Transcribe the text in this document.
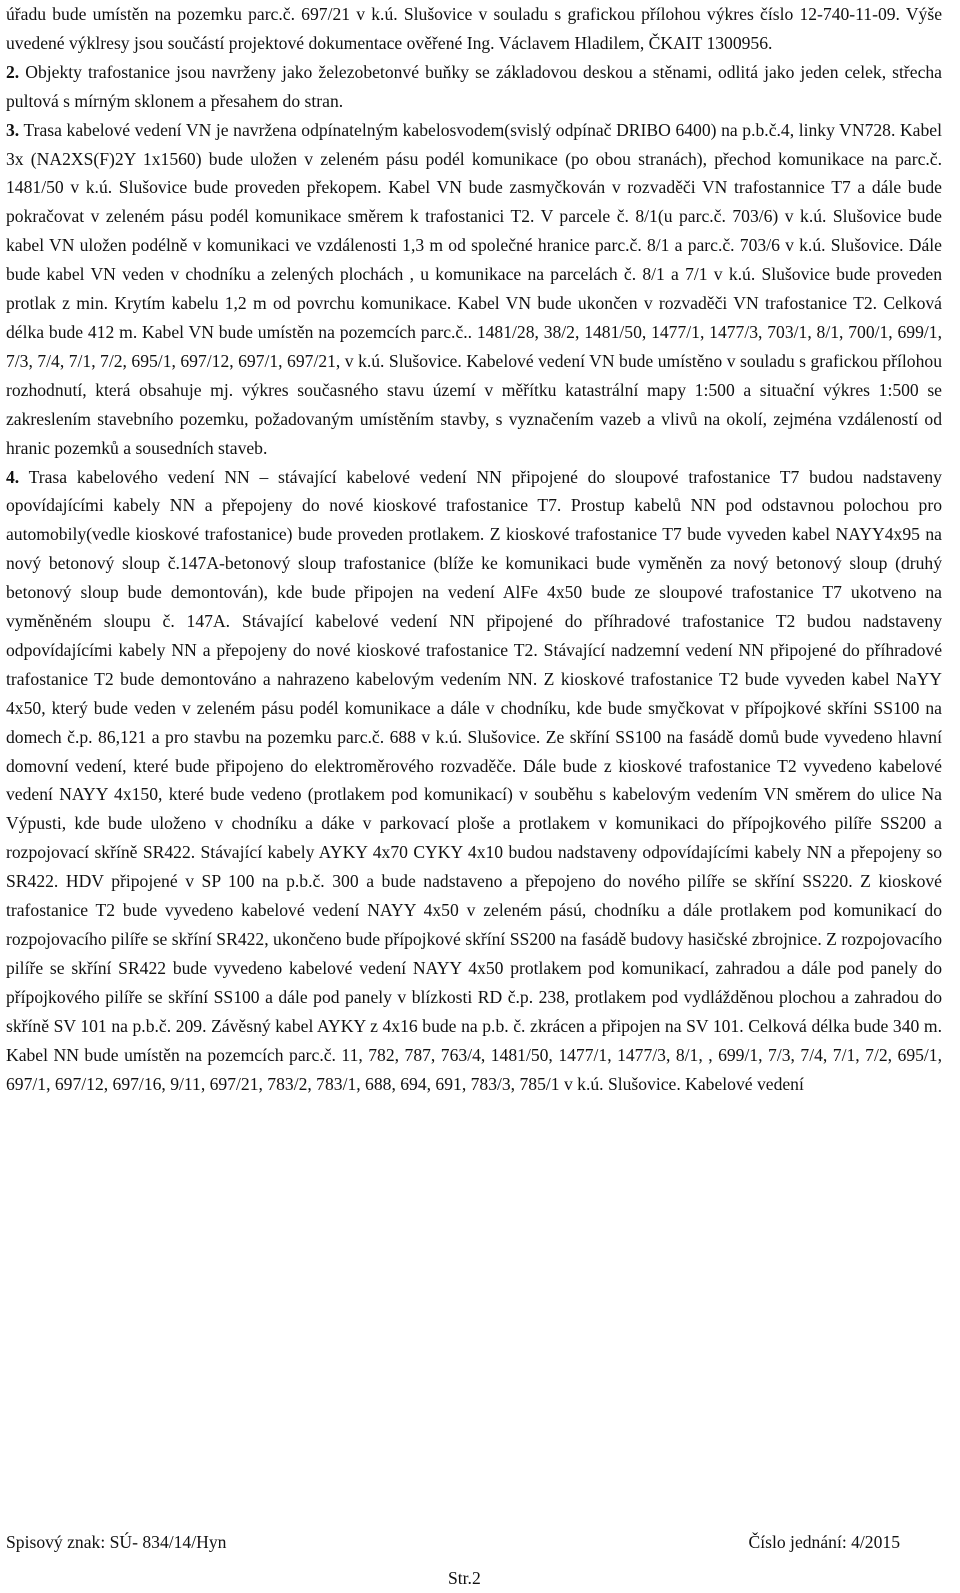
úřadu bude umístěn na pozemku parc.č. 697/21 v k.ú. Slušovice v souladu s grafickou přílohou výkres číslo 12-740-11-09. Výše uvedené výklresy jsou součástí projektové dokumentace ověřené Ing. Václavem Hladilem, ČKAIT 1300956.

2. Objekty trafostanice jsou navrženy jako železobetonvé buňky se základovou deskou a stěnami, odlitá jako jeden celek, střecha pultová s mírným sklonem a přesahem do stran.

3. Trasa kabelové vedení VN je navržena odpínatelným kabelosvodem(svislý odpínač DRIBO 6400) na p.b.č.4, linky VN728. Kabel 3x (NA2XS(F)2Y 1x1560) bude uložen v zeleném pásu podél komunikace (po obou stranách), přechod komunikace na parc.č. 1481/50 v k.ú. Slušovice bude proveden překopem. Kabel VN bude zasmyčkován v rozvaděči VN trafostannice T7 a dále bude pokračovat v zeleném pásu podél komunikace směrem k trafostanici T2. V parcele č. 8/1(u parc.č. 703/6) v k.ú. Slušovice bude kabel VN uložen podélně v komunikaci ve vzdálenosti 1,3 m od společné hranice parc.č. 8/1 a parc.č. 703/6 v k.ú. Slušovice. Dále bude kabel VN veden v chodníku a zelených plochách , u komunikace na parcelách č. 8/1 a 7/1 v k.ú. Slušovice bude proveden protlak z min. Krytím kabelu 1,2 m od povrchu komunikace. Kabel VN bude ukončen v rozvaděči VN trafostanice T2. Celková délka bude 412 m. Kabel VN bude umístěn na pozemcích parc.č.. 1481/28, 38/2, 1481/50, 1477/1, 1477/3, 703/1, 8/1, 700/1, 699/1, 7/3, 7/4, 7/1, 7/2, 695/1, 697/12, 697/1, 697/21, v k.ú. Slušovice. Kabelové vedení VN bude umístěno v souladu s grafickou přílohou rozhodnutí, která obsahuje mj. výkres současného stavu území v měřítku katastrální mapy 1:500 a situační výkres 1:500 se zakreslením stavebního pozemku, požadovaným umístěním stavby, s vyznačením vazeb a vlivů na okolí, zejména vzdáleností od hranic pozemků a sousedních staveb.

4. Trasa kabelového vedení NN – stávající kabelové vedení NN připojené do sloupové trafostanice T7 budou nadstaveny opovídajícími kabely NN a přepojeny do nové kioskové trafostanice T7. Prostup kabelů NN pod odstavnou polochou pro automobily(vedle kioskové trafostanice) bude proveden protlakem. Z kioskové trafostanice T7 bude vyveden kabel NAYY4x95 na nový betonový sloup č.147A-betonový sloup trafostanice (blíže ke komunikaci bude vyměněn za nový betonový sloup (druhý betonový sloup bude demontován), kde bude připojen na vedení AlFe 4x50 bude ze sloupové trafostanice T7 ukotveno na vyměněném sloupu č. 147A. Stávající kabelové vedení NN připojené do příhradové trafostanice T2 budou nadstaveny odpovídajícími kabely NN a přepojeny do nové kioskové trafostanice T2. Stávající nadzemní vedení NN připojené do příhradové trafostanice T2 bude demontováno a nahrazeno kabelovým vedením NN. Z kioskové trafostanice T2 bude vyveden kabel NaYY 4x50, který bude veden v zeleném pásu podél komunikace a dále v chodníku, kde bude smyčkovat v přípojkové skříni SS100 na domech č.p. 86,121 a pro stavbu na pozemku parc.č. 688 v k.ú. Slušovice. Ze skříní SS100 na fasádě domů bude vyvedeno hlavní domovní vedení, které bude připojeno do elektroměrového rozvaděče. Dále bude z kioskové trafostanice T2 vyvedeno kabelové vedení NAYY 4x150, které bude vedeno (protlakem pod komunikací) v souběhu s kabelovým vedením VN směrem do ulice Na Výpusti, kde bude uloženo v chodníku a dáke v parkovací ploše a protlakem v komunikaci do přípojkového pilíře SS200 a rozpojovací skříně SR422. Stávající kabely AYKY 4x70 CYKY 4x10 budou nadstaveny odpovídajícími kabely NN a přepojeny so SR422. HDV připojené v SP 100 na p.b.č. 300 a bude nadstaveno a přepojeno do nového pilíře se skříní SS220. Z kioskové trafostanice T2 bude vyvedeno kabelové vedení NAYY 4x50 v zeleném pású, chodníku a dále protlakem pod komunikací do rozpojovacího pilíře se skříní SR422, ukončeno bude přípojkové skříní SS200 na fasádě budovy hasičské zbrojnice. Z rozpojovacího pilíře se skříní SR422 bude vyvedeno kabelové vedení NAYY 4x50 protlakem pod komunikací, zahradou a dále pod panely do přípojkového pilíře se skříní SS100 a dále pod panely v blízkosti RD č.p. 238, protlakem pod vydlážděnou plochou a zahradou do skříně SV 101 na p.b.č. 209. Závěsný kabel AYKY z 4x16 bude na p.b. č. zkrácen a připojen na SV 101. Celková délka bude 340 m. Kabel NN bude umístěn na pozemcích parc.č. 11, 782, 787, 763/4, 1481/50, 1477/1, 1477/3, 8/1, , 699/1, 7/3, 7/4, 7/1, 7/2, 695/1, 697/1, 697/12, 697/16, 9/11, 697/21, 783/2, 783/1, 688, 694, 691, 783/3, 785/1 v k.ú. Slušovice. Kabelové vedení

Spisový znak: SÚ- 834/14/Hyn	Číslo jednání: 4/2015
Str.2
